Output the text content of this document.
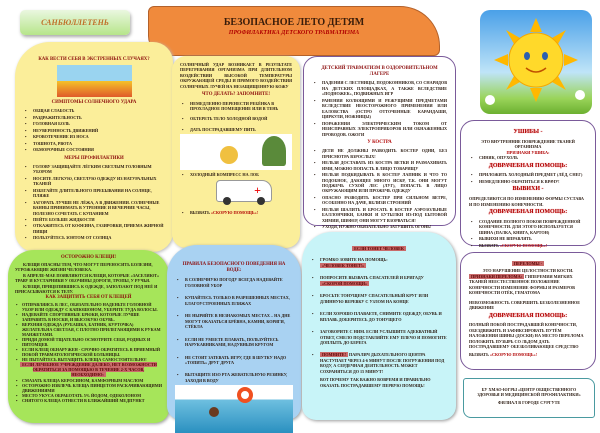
САНБЮЛЛЕТЕНЬ	БЕЗОПАСНОЕ ЛЕТО ДЕТЯМ
ПРОФИЛАКТИКА ДЕТСКОГО ТРАВМАТИЗМА
КАК ВЕСТИ СЕБЯ В ЭКСТРЕННЫХ СЛУЧАЯХ?
СИМПТОМЫ СОЛНЕЧНОГО УДАРА
• ОБЩАЯ СЛАБОСТЬ
• РАЗДРАЖИТЕЛЬНОСТЬ
• ГОЛОВНАЯ БОЛЬ
• НЕУВЕРЕННОСТЬ ДВИЖЕНИЙ
• КРОВОТЕЧЕНИЕ ИЗ НОСА
• ТОШНОТА, РВОТА
• ОБМОРОЧНЫЕ СОСТОЯНИЯ
МЕРЫ ПРОФИЛАКТИКИ
• ГОЛОВУ ЗАЩИЩАЙТЕ ЛЁГКИМ СВЕТЛЫМ ГОЛОВНЫМ УБОРОМ
• НОСИТЕ ЛЕГКУЮ, СВЕТЛУЮ ОДЕЖДУ ИЗ НАТУРАЛЬНЫХ ТКАНЕЙ
• ИЗБЕГАЙТЕ ДЛИТЕЛЬНОГО ПРЕБЫВАНИЯ НА СОЛНЦЕ, ПЛЯЖЕ
• ЗАГОРАТЬ ЛУЧШЕ НЕ ЛЁЖА, А В ДВИЖЕНИИ. СОЛНЕЧНЫЕ ВАННЫ ПРИНИМАТЬ В УТРЕННИЕ И ВЕЧЕРНИЕ ЧАСЫ, ПОЛЕЗНО СОЧЕТАТЬ С КУПАНИЕМ
• ПЕЙТЕ БОЛЬШЕ ЖИДКОСТИ
• ОТКАЖИТЕСЬ ОТ КОФЕИНА, ГАЗИРОВКИ, ПРИЕМА ЖИРНОЙ ПИЩИ
• ПОЛЬЗУЙТЕСЬ ЗОНТОМ ОТ СОЛНЦА

СОЛНЕЧНЫЙ УДАР ВОЗНИКАЕТ В РЕЗУЛЬТАТЕ ПЕРЕГРЕВАНИЯ ОРГАНИЗМА ПРИ ДЛИТЕЛЬНОМ ВОЗДЕЙСТВИИ ВЫСОКОЙ ТЕМПЕРАТУРЫ ОКРУЖАЮЩЕЙ СРЕДЫ И ПРЯМОГО ВОЗДЕЙСТВИЯ СОЛНЕЧНЫХ ЛУЧЕЙ НА НЕЗАЩИЩЕННУЮ КОЖУ

ЧТО ДЕЛАТЬ? ЗАПОМНИТЕ!
• НЕМЕДЛЕННО ПЕРЕНЕСТИ РЕБЁНКА В ПРОХЛАДНОЕ ПОМЕЩЕНИЕ ИЛИ В ТЕНЬ
• ОБТЕРЕТЬ ТЕЛО ХОЛОДНОЙ ВОДОЙ
• ДАТЬ ПОСТРАДАВШЕМУ ПИТЬ
• ХОЛОДНЫЙ КОМПРЕСС НА ЛОБ
+
• ВЫЗВАТЬ «СКОРУЮ ПОМОЩЬ»!
ДЕТСКИЙ ТРАВМАТИЗМ В ОЗДОРОВИТЕЛЬНОМ ЛАГЕРЕ
• ПАДЕНИЯ С ЛЕСТНИЦЫ, ПОДОКОННИКОВ, СО СНАРЯДОВ НА ДЕТСКИХ ПЛОЩАДКАХ, А ТАКЖЕ ВСЛЕДСТВИЕ «ПОДНОЖЕК», ПОДВИЖНЫХ ИГР
• РАНЕНИЯ КОЛЮЩИМИ И РЕЖУЩИМИ ПРЕДМЕТАМИ ВСЛЕДСТВИЕ НЕОСТОРОЖНОГО ПРИМЕНЕНИЯ ИЛИ БАЛОВСТВА (ОСТРО ОТТОЧЕННЫЕ КАРАНДАШИ, ЦИРКУЛИ, НОЖНИЦЫ)
• ПОРАЖЕНИЯ ЭЛЕКТРИЧЕСКИМ ТОКОМ ОТ НЕИСПРАВНЫХ ЭЛЕКТРОПРИБОРОВ ИЛИ ОБНАЖЕННЫХ ПРОВОДОВ. ОЖОГИ
У КОСТРА
• ДЕТИ НЕ ДОЛЖНЫ РАЗВОДИТЬ КОСТЕР ОДНИ, БЕЗ ПРИСМОТРА ВЗРОСЛЫХ!
• НЕЛЬЗЯ ДОСТАВАТЬ ИЗ КОСТРА ВЕТКИ И РАЗМАХИВАТЬ ИМИ, МОЖНО ПОПАСТЬ В ЛИЦО ТОВАРИЩУ
• НЕЛЬЗЯ ПОДКИДЫВАТЬ В КОСТЕР ЛАПНИК И ЧТО ТО ПОДОБНОЕ, ДАЮЩЕЕ МНОГО ИСКР, Т.К. ОНИ МОГУТ ПОДЖЕЧЬ СУХОЙ ЛЕС (ЛУГ), ПОПАСТЬ В ЛИЦО ОКРУЖАЮЩИМ ИЛИ ПРОЖЕЧЬ ОДЕЖДУ
• ОПАСНО РАЗВОДИТЬ КОСТЕР ПРИ СИЛЬНОМ ВЕТРЕ, ОСОБЕННО НА ДАЧЕ, ВБЛИЗИ СТРОЕНИЙ
• НЕЛЬЗЯ ШАЛИТЬ И БРОСАТЬ В КОСТЕР АЭРОЗОЛЬНЫЕ БАЛЛОНЧИКИ, БАНКИ И БУТЫЛКИ ИЗ-ПОД БЫТОВОЙ ХИМИИ, ШИФЕР, ОНИ МОГУТ ВЗОРВАТЬСЯ!
• УХОДЯ, НУЖНО ОБЯЗАТЕЛЬНО ЗАТУШИТЬ ОГОНЬ!
УШИБЫ -
ЭТО ВНУТРЕННИЕ ПОВРЕЖДЕНИЕ ТКАНЕЙ ОРГАНИЗМА
ПРИЗНАКИ УШИБА:
• СИНЯК, ОПУХОЛЬ
ДОВРАЧЕБНАЯ ПОМОЩЬ:
• ПРИЛОЖИТЬ ХОЛОДНЫЙ ПРЕДМЕТ (ЛЁД, СНЕГ)
• НЕМЕДЛЕННО ОБРАТИТЬСЯ К ВРАЧУ!
ВЫВИХИ -

ОПРЕДЕЛЯЮТСЯ ПО ИЗМЕНЕНИЮ ФОРМЫ СУСТАВА И ПО ИЗМЕНЕНИЮ КОНЕЧНОСТИ.

ДОВРАЧЕБНАЯ ПОМОЩЬ:
• СОЗДАНИЕ ПОЛНОГО ПОКОЯ ПОВРЕЖДЕННОЙ КОНЕЧНОСТИ. ДЛЯ ЭТОГО ИСПОЛЬЗУЕТСЯ ШИНА (ПАЛКА, КНИГА, КАРТОН)
• ВЫВИХИ НЕ ВПРАВЛЯТЬ
• ВЫЗВАТЬ «СКОРУЮ ПОМОЩЬ»!
ОСТОРОЖНО КЛЕЩИ!

КЛЕЩИ ОПАСНЫ ТЕМ, ЧТО МОГУТ ПЕРЕНОСИТЬ БОЛЕЗНИ, УГРОЖАЮЩИЕ ЖИЗНИ ЧЕЛОВЕКА.

В АПРЕЛЕ-МАЕ ПОЯВЛЯЮТСЯ КЛЕЩИ, КОТОРЫЕ «ЗАСЕЛЯЮТ» ТРАВУ И КУСТАРНИКИ У ОБОЧИНЫ ДОРОГИ, ТРОПЫ, У РУЧЬЯ.

КЛЕЩИ, ПРИЦЕПИВШИСЬ К ОДЕЖДЕ, ЗАПОЛЗАЮТ ПОД НЕЁ И ПРИСАСЫВАЮТСЯ К ТЕЛУ.

КАК ЗАЩИТИТЬ СЕБЯ ОТ КЛЕЩЕЙ
• ОТПРАВЛЯЯСЬ В ЛЕС, ОБЯЗАТЕЛЬНО НАДЕНЬТЕ ГОЛОВНОЙ УБОР ИЛИ ОДЕЖДУ С КАПЮШОНОМ, УБЕРИТЕ ТУДА ВОЛОСЫ.
• НАДЕВАЙТЕ СПОРТИВНЫЕ БРЮКИ, КОТОРЫЕ ЛУЧШЕ ЗАПРАВИТЬ В НОСКИ, И ВЫСОКУЮ ОБУВЬ.
• ВЕРХНЯЯ ОДЕЖДА (РУБАШКА, БАТНИК, КУРТОЧКА) ЖЕЛАТЕЛЬНА СВЕТЛАЯ, С ПЛОТНО ПРИЛЕГАЮЩИМИ К РУКАМ МАНЖЕТАМИ.
• ПРИДЯ ДОМОЙ ТЩАТЕЛЬНО ОСМОТРИТЕ СЕБЯ, РОДНЫХ И ПИТОМЦЕВ.
• ЕСЛИ КЛЕЩ ОБНАРУЖЕН - СРОЧНО ОБРАТИТЕСЬ В ПРИЕМНЫЙ ПОКОЙ ТРАВМАТОЛОГИЧЕСКОЙ БОЛЬНИЦЫ.
• НЕ ПЫТАЙТЕСЬ ВЫТАЩИТЬ КЛЕЩА САМОСТОЯТЕЛЬНО!
ЕСЛИ ЛЕЧЕБНОЕ УЧРЕЖДЕНИЕ ДАЛЕКО, НЕТ ВОЗМОЖНОСТИ ОБРАТИТЬСЯ ЗА ПОМОЩЬЮ В ТЕЧЕНИЕ 2-Х ЧАСОВ, НЕОБХОДИМО:
• СМАЗАТЬ КЛЕЩА КЕРОСИНОМ, КАМФОРНЫМ МАСЛОМ
• ОСТОРОЖНО ИЗВЛЕЧЬ КЛЕЩА ПИНЦЕТОМ РАСКАЧИВАЮЩИМИ ДВИЖЕНИЯМИ
• МЕСТО УКУСА ОБРАБОТАТЬ 5% ЙОДОМ, ОДЕКОЛОНОМ
• СНЯТОГО КЛЕЩА ОТНЕСТИ В БЛИЖАЙШИЙ МЕДПУНКТ
ПРАВИЛА БЕЗОПАСНОГО ПОВЕДЕНИЯ НА ВОДЕ:
• В СОЛНЕЧНУЮ ПОГОДУ ВСЕГДА НАДЕВАЙТЕ ГОЛОВНОЙ УБОР
• КУПАЙТЕСЬ ТОЛЬКО В РАЗРЕШЕННЫХ МЕСТАХ, БЛАГОУСТРОЕННЫХ ПЛЯЖАХ
• НЕ НЫРЯЙТЕ В НЕЗНАКОМЫХ МЕСТАХ – НА ДНЕ МОГУТ ОКАЗАТЬСЯ БРЁВНА, КАМНИ, КОРЯГИ, СТЁКЛА
• ЕСЛИ НЕ УМЕЕТЕ ПЛАВАТЬ, ПОЛЬЗУЙТЕСЬ НАРУКАВНИКАМИ, НАДУВНЫМ КРУГОМ
• НЕ СТОИТ ЗАТЕВАТЬ ИГРУ, ГДЕ В ШУТКУ НАДО «ТОПИТЬ» ДРУГ ДРУГА
• ВЫТАЩИТЕ ИЗО РТА ЖЕВАТЕЛЬНУЮ РЕЗИНКУ, ЗАХОДЯ В ВОДУ
ЕСЛИ ТОНЕТ ЧЕЛОВЕК
• ГРОМКО ЗОВИТЕ НА ПОМОЩЬ:
«ЧЕЛОВЕК ТОНЕТ!»
• ПОПРОСИТЕ ВЫЗВАТЬ СПАСАТЕЛЕЙ И БРИГАДУ
«СКОРОЙ ПОМОЩИ»
• БРОСЬТЕ ТОНУЩЕМУ СПАСАТЕЛЬНЫЙ КРУГ ИЛИ ДЛИННУЮ ВЕРЕВКУ С УЗЛОМ НА КОНЦЕ
• ЕСЛИ ХОРОШО ПЛАВАЕТЕ, СНИМИТЕ ОДЕЖДУ, ОБУВЬ И ВПЛАВЬ ДОБЕРИТЕСЬ ДО ТОНУЩЕГО
• ЗАГОВОРИТЕ С НИМ. ЕСЛИ УСЛЫШИТЕ АДЕКВАТНЫЙ ОТВЕТ, СМЕЛО ПОДСТАВЛЯЙТЕ ЕМУ ПЛЕЧО И ПОМОГИТЕ ДОПЛЫТЬ ДО БЕРЕГА
• ПОМНИТЕ! ПАРАЛИЧ ДЫХАТЕЛЬНОГО ЦЕНТРА НАСТУПАЕТ ЧЕРЕЗ 4-6 МИНУТ ПОСЛЕ ПОГРУЖЕНИЯ ПОД ВОДУ, А СЕРДЕЧНАЯ ДЕЯТЕЛЬНОСТЬ МОЖЕТ СОХРАНЯТЬСЯ ДО 15 МИНУТ!

ВОТ ПОЧЕМУ ТАК ВАЖНО ВОВРЕМЯ И ПРАВИЛЬНО ОКАЗАТЬ ПОСТРАДАВШЕМУ ПЕРВУЮ ПОМОЩЬ!

ПЕРЕЛОМЫ -
ЭТО НАРУШЕНИЕ ЦЕЛОСТНОСТИ КОСТИ.

ПРИЗНАКИ ПЕРЕЛОМА: ГИПЕРЕМИЯ МЯГКИХ ТКАНЕЙ НЕЕСТЕСТВЕННОЕ ПОЛОЖЕНИЕ КОНЕЧНОСТИ ИЗМЕНЕНИЕ ФОРМЫ И РАЗМЕРОВ КОНЕЧНОСТИ ОТЁК, ГЕМАТОМА

НЕВОЗМОЖНОСТЬ СОВЕРШИТЬ БЕЗБОЛЕЗНЕННОЕ ДВИЖЕНИЕ

ДОВРАЧЕБНАЯ ПОМОЩЬ:

ПОЛНЫЙ ПОКОЙ ПОСТРАДАВШЕЙ КОНЕЧНОСТИ, ОБЕЗДВИЖИТЬ И ЗАФИКСИРОВАТЬ ПУТЁМ НАЛОЖЕНИЯ ШИНЫ (ДОСКИ) НА МЕСТО ПЕРЕЛОМА ПОЛОЖИТЬ ПУЗЫРЬ СО ЛЬДОМ ДАТЬ ПОСТРАДАВШЕМУ ОБЕЗБОЛИВАЮЩЕЕ СРЕДСТВО

ВЫЗВАТЬ «СКОРУЮ ПОМОЩЬ»!

БУ ХМАО-ЮГРЫ «ЦЕНТР ОБЩЕСТВЕННОГО ЗДОРОВЬЯ И МЕДИЦИНСКОЙ ПРОФИЛАКТИКИ»

ФИЛИАЛ В ГОРОДЕ СУРГУТЕ
